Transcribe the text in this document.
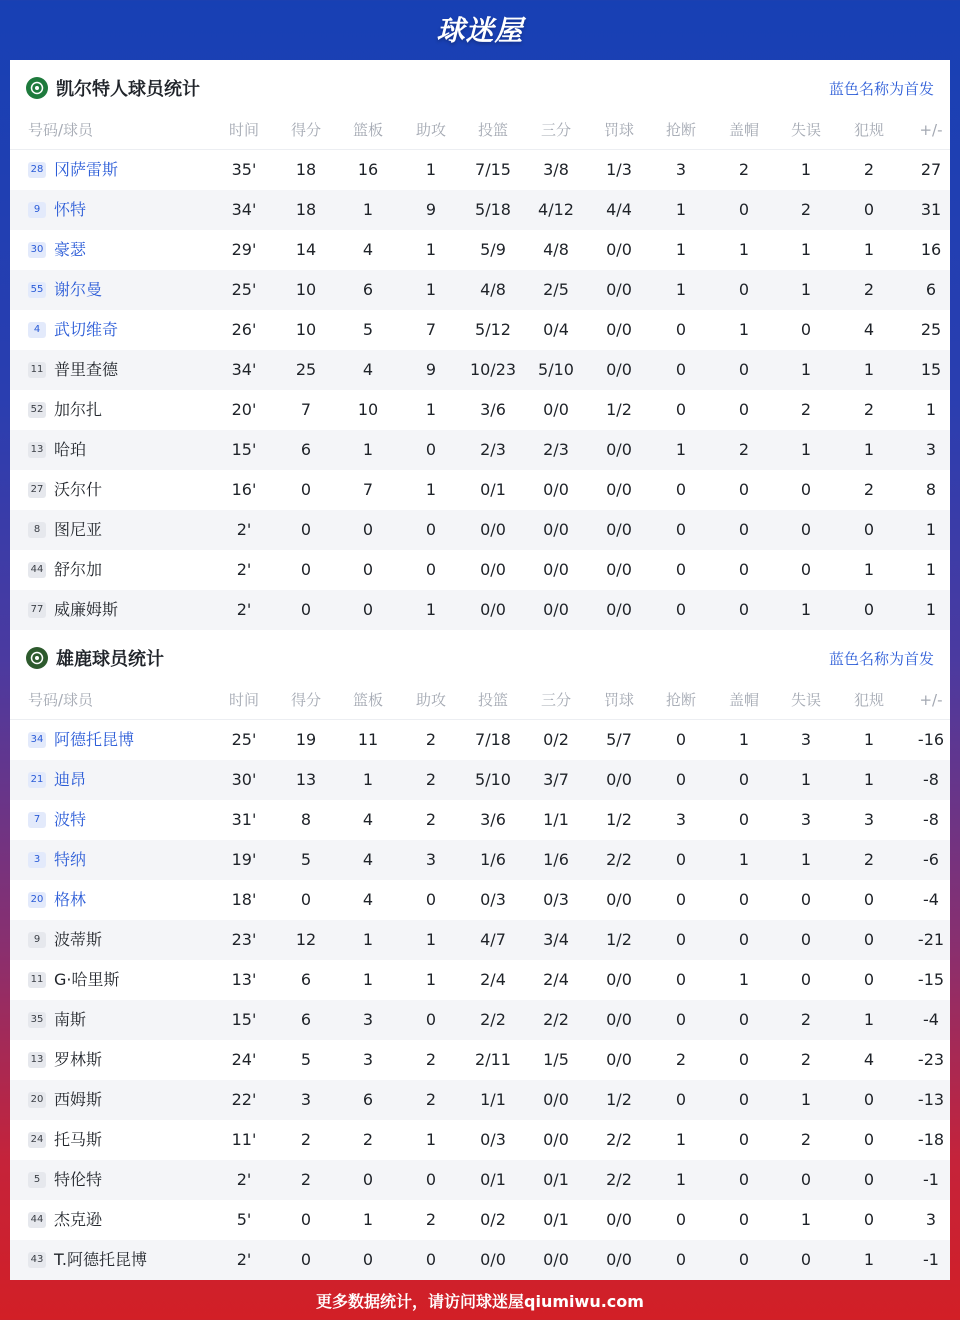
球迷屋
凯尔特人球员统计	蓝色名称为首发
号码/球员	时间	得分	篮板	助攻	投篮	三分	罚球	抢断	盖帽	失误	犯规	+/-
28 冈萨雷斯	35'	18	16	1	7/15	3/8	1/3	3	2	1	2	27
9 怀特	34'	18	1	9	5/18	4/12	4/4	1	0	2	0	31
30 豪瑟	29'	14	4	1	5/9	4/8	0/0	1	1	1	1	16
55 谢尔曼	25'	10	6	1	4/8	2/5	0/0	1	0	1	2	6
4 武切维奇	26'	10	5	7	5/12	0/4	0/0	0	1	0	4	25
11 普里查德	34'	25	4	9	10/23	5/10	0/0	0	0	1	1	15
52 加尔扎	20'	7	10	1	3/6	0/0	1/2	0	0	2	2	1
13 哈珀	15'	6	1	0	2/3	2/3	0/0	1	2	1	1	3
27 沃尔什	16'	0	7	1	0/1	0/0	0/0	0	0	0	2	8
8 图尼亚	2'	0	0	0	0/0	0/0	0/0	0	0	0	0	1
44 舒尔加	2'	0	0	0	0/0	0/0	0/0	0	0	0	1	1
77 威廉姆斯	2'	0	0	1	0/0	0/0	0/0	0	0	1	0	1
雄鹿球员统计	蓝色名称为首发
号码/球员	时间	得分	篮板	助攻	投篮	三分	罚球	抢断	盖帽	失误	犯规	+/-
34 阿德托昆博	25'	19	11	2	7/18	0/2	5/7	0	1	3	1	-16
21 迪昂	30'	13	1	2	5/10	3/7	0/0	0	0	1	1	-8
7 波特	31'	8	4	2	3/6	1/1	1/2	3	0	3	3	-8
3 特纳	19'	5	4	3	1/6	1/6	2/2	0	1	1	2	-6
20 格林	18'	0	4	0	0/3	0/3	0/0	0	0	0	0	-4
9 波蒂斯	23'	12	1	1	4/7	3/4	1/2	0	0	0	0	-21
11 G·哈里斯	13'	6	1	1	2/4	2/4	0/0	0	1	0	0	-15
35 南斯	15'	6	3	0	2/2	2/2	0/0	0	0	2	1	-4
13 罗林斯	24'	5	3	2	2/11	1/5	0/0	2	0	2	4	-23
20 西姆斯	22'	3	6	2	1/1	0/0	1/2	0	0	1	0	-13
24 托马斯	11'	2	2	1	0/3	0/0	2/2	1	0	2	0	-18
5 特伦特	2'	2	0	0	0/1	0/1	2/2	1	0	0	0	-1
44 杰克逊	5'	0	1	2	0/2	0/1	0/0	0	0	1	0	3
43 T.阿德托昆博	2'	0	0	0	0/0	0/0	0/0	0	0	0	1	-1
更多数据统计，请访问球迷屋qiumiwu.com
